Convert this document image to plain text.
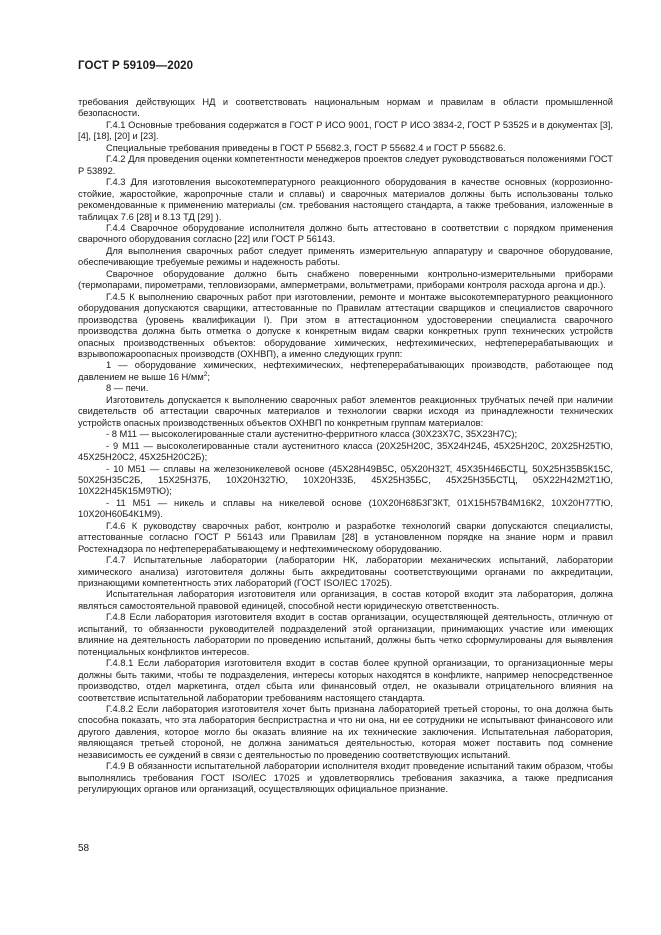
ГОСТ Р 59109—2020

требования действующих НД и соответствовать национальным нормам и правилам в области промышленной безопасности.

Г.4.1 Основные требования содержатся в ГОСТ Р ИСО 9001, ГОСТ Р ИСО 3834-2, ГОСТ Р 53525 и в документах [3], [4], [18], [20] и [23].

Специальные требования приведены в ГОСТ Р 55682.3, ГОСТ Р 55682.4 и ГОСТ Р 55682.6.

Г.4.2 Для проведения оценки компетентности менеджеров проектов следует руководствоваться положениями ГОСТ Р 53892.

Г.4.3 Для изготовления высокотемпературного реакционного оборудования в качестве основных (коррозионно-стойкие, жаростойкие, жаропрочные стали и сплавы) и сварочных материалов должны быть использованы только рекомендованные к применению материалы (см. требования настоящего стандарта, а также требования, изложенные в таблицах 7.6 [28] и 8.13 ТД [29] ).

Г.4.4 Сварочное оборудование исполнителя должно быть аттестовано в соответствии с порядком применения сварочного оборудования согласно [22] или ГОСТ Р 56143.

Для выполнения сварочных работ следует применять измерительную аппаратуру и сварочное оборудование, обеспечивающие требуемые режимы и надежность работы.

Сварочное оборудование должно быть снабжено поверенными контрольно-измерительными приборами (термопарами, пирометрами, тепловизорами, амперметрами, вольтметрами, приборами контроля расхода аргона и др.).

Г.4.5 К выполнению сварочных работ при изготовлении, ремонте и монтаже высокотемпературного реакционного оборудования допускаются сварщики, аттестованные по Правилам аттестации сварщиков и специалистов сварочного производства (уровень квалификации I). При этом в аттестационном удостоверении специалиста сварочного производства должна быть отметка о допуске к конкретным видам сварки конкретных групп технических устройств опасных производственных объектов: оборудование химических, нефтехимических, нефтеперерабатывающих и взрывопожароопасных производств (ОХНВП), а именно следующих групп:

1 — оборудование химических, нефтехимических, нефтеперерабатывающих производств, работающее под давлением не выше 16 $Н/мм^2$;

8 — печи.

Изготовитель допускается к выполнению сварочных работ элементов реакционных трубчатых печей при наличии свидетельств об аттестации сварочных материалов и технологии сварки исходя из принадлежности технических устройств опасных производственных объектов ОХНВП по конкретным группам материалов:

- 8 М11 — высоколегированные стали аустенитно-ферритного класса (30Х23Х7С, 35Х23Н7С);

- 9 М11 — высоколегированные стали аустенитного класса (20Х25Н20С, 35Х24Н24Б, 45Х25Н20С, 20Х25Н25ТЮ, 45Х25Н20С2, 45Х25Н20С2Б);

- 10 М51 — сплавы на железоникелевой основе (45Х28Н49В5С, 05Х20Н32Т, 45Х35Н46БСТЦ, 50Х25Н35В5К15С, 50Х25Н35С2Б, 15Х25Н37Б, 10Х20Н32ТЮ, 10Х20Н33Б, 45Х25Н35БС, 45Х25Н35БСТЦ, 05Х22Н42М2Т1Ю, 10Х22Н45К15М9ТЮ);

- 11 М51 — никель и сплавы на никелевой основе (10Х20Н68Б3Г3КТ, 01Х15Н57В4М16К2, 10Х20Н77ТЮ, 10Х20Н60Б4К1М9).

Г.4.6 К руководству сварочных работ, контролю и разработке технологий сварки допускаются специалисты, аттестованные согласно ГОСТ Р 56143 или Правилам [28] в установленном порядке на знание норм и правил Ростехнадзора по нефтеперерабатывающему и нефтехимическому оборудованию.

Г.4.7 Испытательные лаборатории (лаборатории НК, лаборатории механических испытаний, лаборатории химического анализа) изготовителя должны быть аккредитованы соответствующими органами по аккредитации, признающими компетентность этих лабораторий (ГОСТ ISO/IEC 17025).

Испытательная лаборатория изготовителя или организация, в состав которой входит эта лаборатория, должна являться самостоятельной правовой единицей, способной нести юридическую ответственность.

Г.4.8 Если лаборатория изготовителя входит в состав организации, осуществляющей деятельность, отличную от испытаний, то обязанности руководителей подразделений этой организации, принимающих участие или имеющих влияние на деятельность лаборатории по проведению испытаний, должны быть четко сформулированы для выявления потенциальных конфликтов интересов.

Г.4.8.1 Если лаборатория изготовителя входит в состав более крупной организации, то организационные меры должны быть такими, чтобы те подразделения, интересы которых находятся в конфликте, например непосредственное производство, отдел маркетинга, отдел сбыта или финансовый отдел, не оказывали отрицательного влияния на соответствие испытательной лаборатории требованиям настоящего стандарта.

Г.4.8.2 Если лаборатория изготовителя хочет быть признана лабораторией третьей стороны, то она должна быть способна показать, что эта лаборатория беспристрастна и что ни она, ни ее сотрудники не испытывают финансового или другого давления, которое могло бы оказать влияние на их технические заключения. Испытательная лаборатория, являющаяся третьей стороной, не должна заниматься деятельностью, которая может поставить под сомнение независимость ее суждений в связи с деятельностью по проведению соответствующих испытаний.

Г.4.9 В обязанности испытательной лаборатории исполнителя входит проведение испытаний таким образом, чтобы выполнялись требования ГОСТ ISO/IEC 17025 и удовлетворялись требования заказчика, а также предписания регулирующих органов или организаций, осуществляющих официальное признание.

58
